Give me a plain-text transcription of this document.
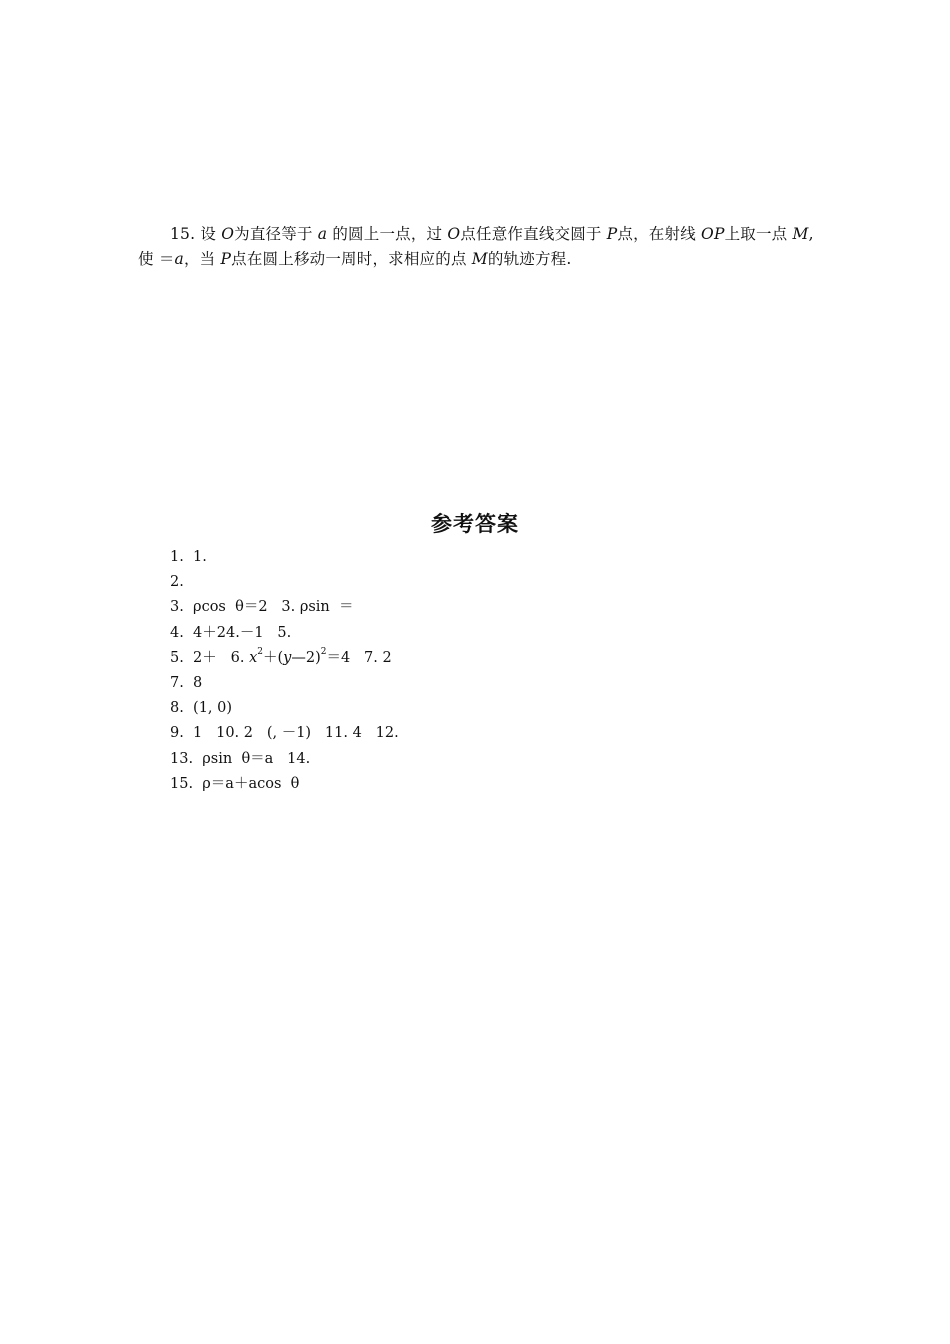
15. 设 O为直径等于 a 的圆上一点，过 O点任意作直线交圆于 P点，在射线 OP上取一点 M,
使 ＝a，当 P点在圆上移动一周时，求相应的点 M的轨迹方程.
参考答案
1.  1.
2.
3.  ρcos  θ＝2   3. ρsin  ＝
4.  4＋24.－1   5.
5.  2＋   6. $x^2+(y—2)^2=4$   7. 2
7.  8
8.  (1, 0)
9.  1   10. 2   (, －1)   11. 4   12.
13.  ρsin  θ＝a   14.
15.  ρ＝a＋acos  θ
